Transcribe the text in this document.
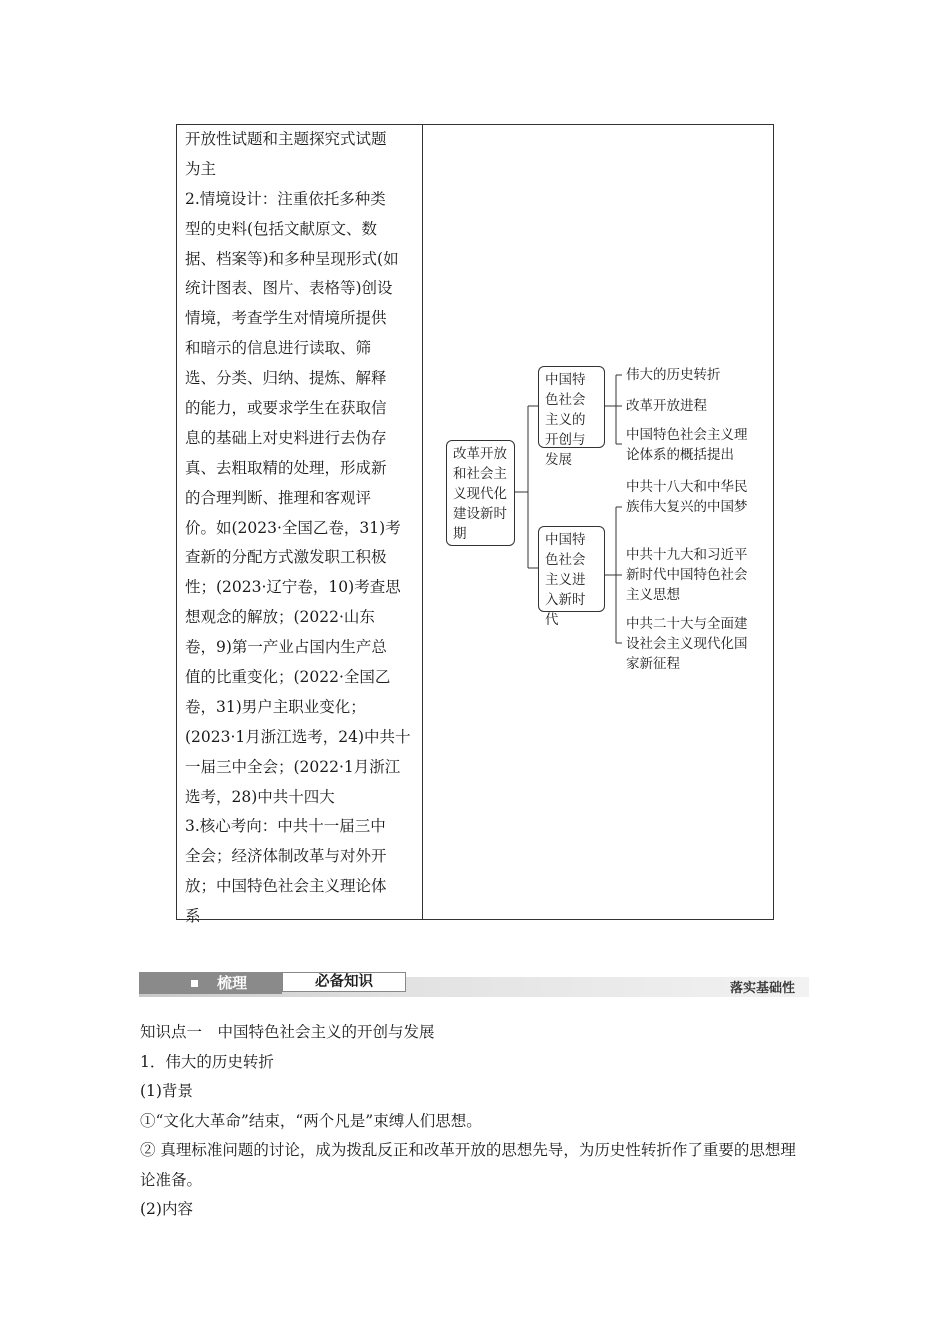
开放性试题和主题探究式试题
为主
2.情境设计：注重依托多种类
型的史料(包括文献原文、数
据、档案等)和多种呈现形式(如
统计图表、图片、表格等)创设
情境，考查学生对情境所提供
和暗示的信息进行读取、筛
选、分类、归纳、提炼、解释
的能力，或要求学生在获取信
息的基础上对史料进行去伪存
真、去粗取精的处理，形成新
的合理判断、推理和客观评
价。如(2023·全国乙卷，31)考
查新的分配方式激发职工积极
性；(2023·辽宁卷，10)考查思
想观念的解放；(2022·山东
卷，9)第一产业占国内生产总
值的比重变化；(2022·全国乙
卷，31)男户主职业变化；
(2023·1月浙江选考，24)中共十
一届三中全会；(2022·1月浙江
选考，28)中共十四大
3.核心考向：中共十一届三中
全会；经济体制改革与对外开
放；中国特色社会主义理论体
系
改革开放和社会主义现代化建设新时期
中国特色社会主义的开创与发展
中国特色社会主义进入新时代
伟大的历史转折
改革开放进程
中国特色社会主义理论体系的概括提出
中共十八大和中华民族伟大复兴的中国梦
中共十九大和习近平新时代中国特色社会主义思想
中共二十大与全面建设社会主义现代化国家新征程
梳理	必备知识	落实基础性
知识点一　中国特色社会主义的开创与发展
1．伟大的历史转折
(1)背景
①“文化大革命”结束，“两个凡是”束缚人们思想。
② 真理标准问题的讨论，成为拨乱反正和改革开放的思想先导，为历史性转折作了重要的思想理论准备。
(2)内容
